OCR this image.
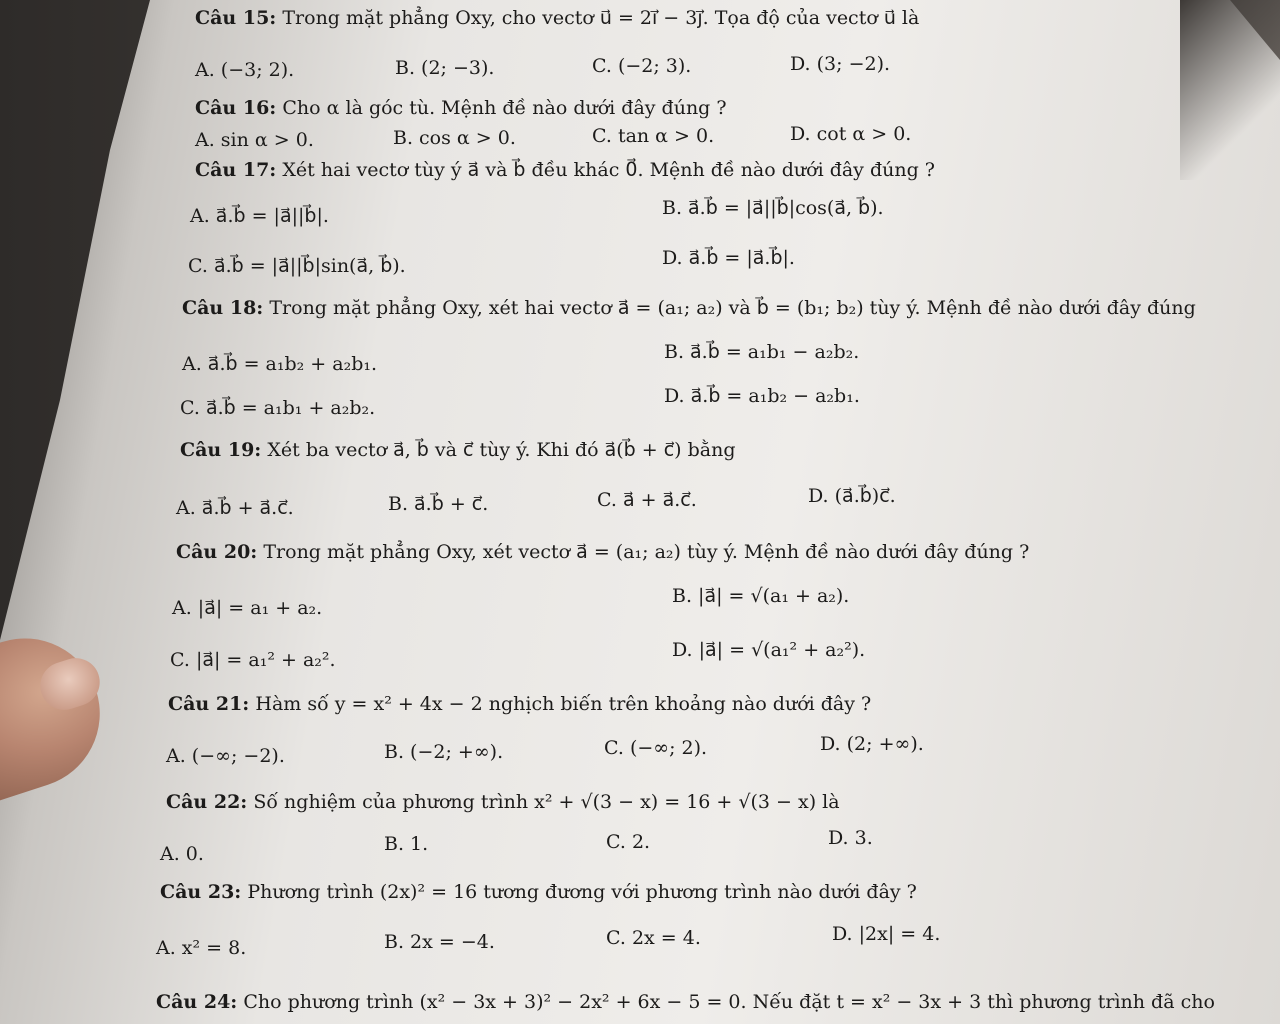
Câu 15: Trong mặt phẳng Oxy, cho vectơ u⃗ = 2i⃗ − 3j⃗. Tọa độ của vectơ u⃗ là
A. (−3; 2).	B. (2; −3).	C. (−2; 3).	D. (3; −2).
Câu 16: Cho α là góc tù. Mệnh đề nào dưới đây đúng ?
A. sin α > 0.	B. cos α > 0.	C. tan α > 0.	D. cot α > 0.
Câu 17: Xét hai vectơ tùy ý a⃗ và b⃗ đều khác 0⃗. Mệnh đề nào dưới đây đúng ?
A. a⃗.b⃗ = |a⃗||b⃗|.	B. a⃗.b⃗ = |a⃗||b⃗|cos(a⃗, b⃗).
C. a⃗.b⃗ = |a⃗||b⃗|sin(a⃗, b⃗).	D. a⃗.b⃗ = |a⃗.b⃗|.
Câu 18: Trong mặt phẳng Oxy, xét hai vectơ a⃗ = (a₁; a₂) và b⃗ = (b₁; b₂) tùy ý. Mệnh đề nào dưới đây đúng
A. a⃗.b⃗ = a₁b₂ + a₂b₁.
B. a⃗.b⃗ = a₁b₁ − a₂b₂.
C. a⃗.b⃗ = a₁b₁ + a₂b₂.
D. a⃗.b⃗ = a₁b₂ − a₂b₁.
Câu 19: Xét ba vectơ a⃗, b⃗ và c⃗ tùy ý. Khi đó a⃗(b⃗ + c⃗) bằng
A. a⃗.b⃗ + a⃗.c⃗.	B. a⃗.b⃗ + c⃗.	C. a⃗ + a⃗.c⃗.	D. (a⃗.b⃗)c⃗.
Câu 20: Trong mặt phẳng Oxy, xét vectơ a⃗ = (a₁; a₂) tùy ý. Mệnh đề nào dưới đây đúng ?
A. |a⃗| = a₁ + a₂.
B. |a⃗| = √(a₁ + a₂).
C. |a⃗| = a₁² + a₂².	D. |a⃗| = √(a₁² + a₂²).
Câu 21: Hàm số y = x² + 4x − 2 nghịch biến trên khoảng nào dưới đây ?
A. (−∞; −2).	B. (−2; +∞).	C. (−∞; 2).	D. (2; +∞).
Câu 22: Số nghiệm của phương trình x² + √(3 − x) = 16 + √(3 − x) là
A. 0.	B. 1.	C. 2.	D. 3.
Câu 23: Phương trình (2x)² = 16 tương đương với phương trình nào dưới đây ?
A. x² = 8.	B. 2x = −4.	C. 2x = 4.	D. |2x| = 4.
Câu 24: Cho phương trình (x² − 3x + 3)² − 2x² + 6x − 5 = 0. Nếu đặt t = x² − 3x + 3 thì phương trình đã cho
